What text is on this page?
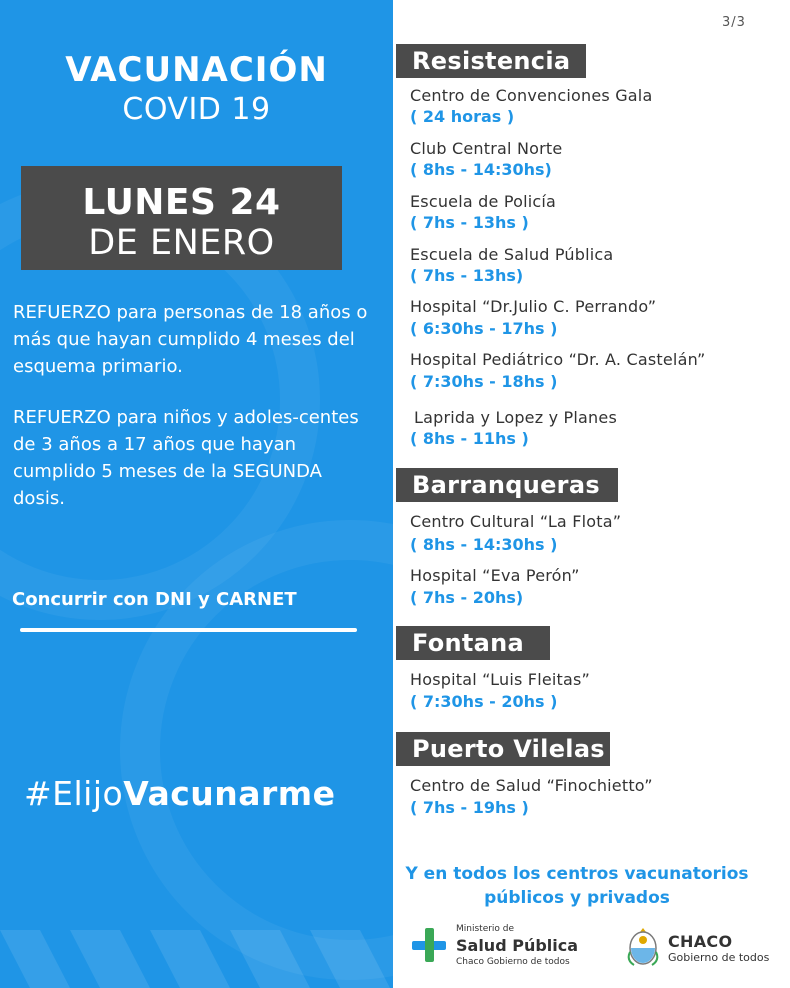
VACUNACIÓN
COVID 19
LUNES 24
DE ENERO
REFUERZO para personas de 18 años o más que hayan cumplido 4 meses del esquema primario.
REFUERZO para niños y adoles-centes de 3 años a 17 años que hayan cumplido 5 meses de la SEGUNDA dosis.
Concurrir con DNI y CARNET
#ElijoVacunarme
3/3
Resistencia
Centro de Convenciones Gala
( 24 horas )
Club Central Norte
( 8hs - 14:30hs)
Escuela de Policía
( 7hs - 13hs )
Escuela de Salud Pública
( 7hs - 13hs)
Hospital “Dr.Julio C. Perrando”
( 6:30hs - 17hs )
Hospital Pediátrico “Dr. A. Castelán”
( 7:30hs - 18hs )
Laprida y Lopez y Planes
( 8hs - 11hs )
Barranqueras
Centro Cultural “La Flota”
( 8hs - 14:30hs )
Hospital “Eva Perón”
( 7hs - 20hs)
Fontana
Hospital “Luis Fleitas”
( 7:30hs - 20hs )
Puerto Vilelas
Centro de Salud “Finochietto”
( 7hs - 19hs )
Y en todos los centros vacunatorios
públicos y privados
Ministerio de
Salud Pública
Chaco Gobierno de todos
CHACO
Gobierno de todos
